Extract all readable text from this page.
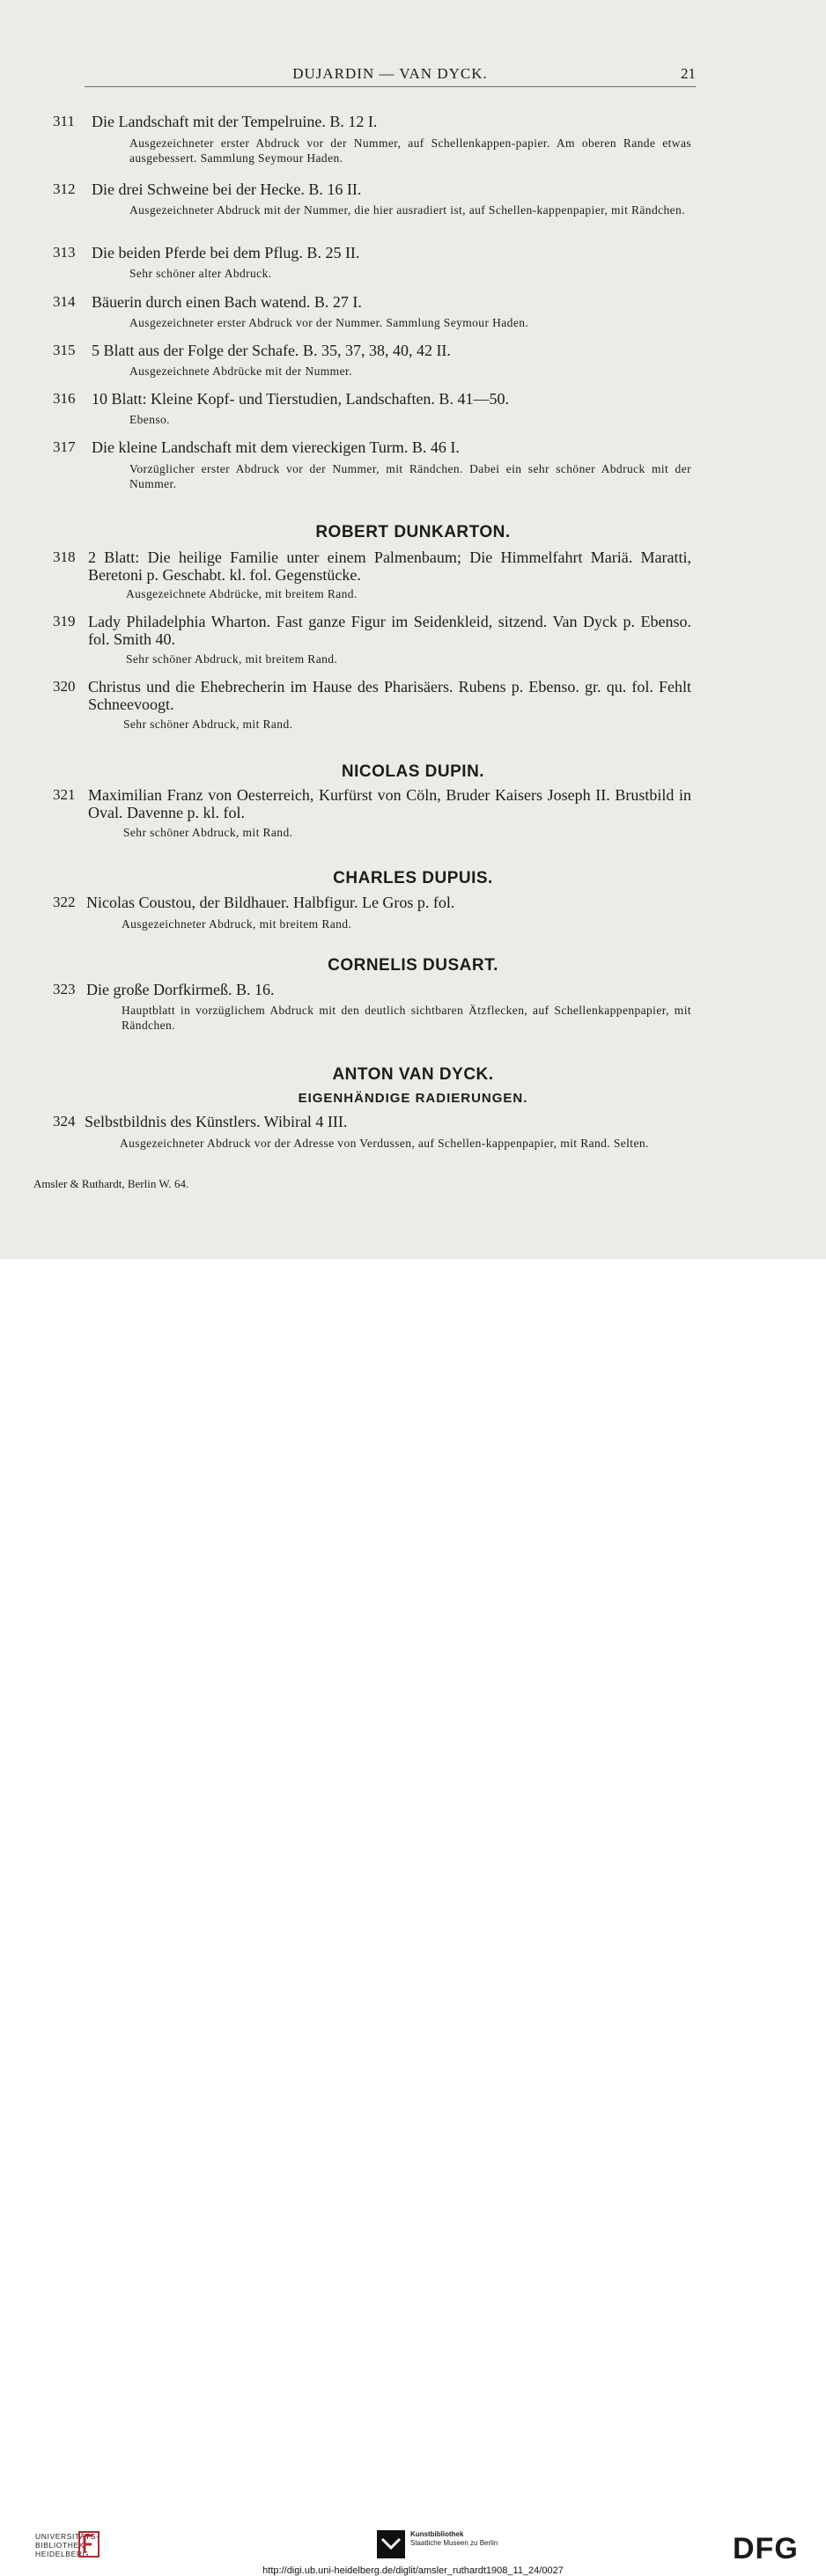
DUJARDIN — VAN DYCK.	21
311	Die Landschaft mit der Tempelruine. B. 12 I.
Ausgezeichneter erster Abdruck vor der Nummer, auf Schellenkappen-papier. Am oberen Rande etwas ausgebessert. Sammlung Seymour Haden.
312	Die drei Schweine bei der Hecke. B. 16 II.
Ausgezeichneter Abdruck mit der Nummer, die hier ausradiert ist, auf Schellen-kappenpapier, mit Rändchen.
313	Die beiden Pferde bei dem Pflug. B. 25 II.
Sehr schöner alter Abdruck.
314	Bäuerin durch einen Bach watend. B. 27 I.
Ausgezeichneter erster Abdruck vor der Nummer. Sammlung Seymour Haden.
315	5 Blatt aus der Folge der Schafe. B. 35, 37, 38, 40, 42 II.
Ausgezeichnete Abdrücke mit der Nummer.
316	10 Blatt: Kleine Kopf- und Tierstudien, Landschaften. B. 41—50.
Ebenso.
317	Die kleine Landschaft mit dem viereckigen Turm. B. 46 I.
Vorzüglicher erster Abdruck vor der Nummer, mit Rändchen. Dabei ein sehr schöner Abdruck mit der Nummer.
ROBERT DUNKARTON.
318 2 Blatt: Die heilige Familie unter einem Palmenbaum; Die Himmelfahrt Mariä. Maratti, Beretoni p. Geschabt. kl. fol. Gegenstücke.
Ausgezeichnete Abdrücke, mit breitem Rand.
319 Lady Philadelphia Wharton. Fast ganze Figur im Seidenkleid, sitzend. Van Dyck p. Ebenso. fol. Smith 40.
Sehr schöner Abdruck, mit breitem Rand.
320 Christus und die Ehebrecherin im Hause des Pharisäers. Rubens p. Ebenso. gr. qu. fol. Fehlt Schneevoogt.
Sehr schöner Abdruck, mit Rand.
NICOLAS DUPIN.
321 Maximilian Franz von Oesterreich, Kurfürst von Cöln, Bruder Kaisers Joseph II. Brustbild in Oval. Davenne p. kl. fol.
Sehr schöner Abdruck, mit Rand.
CHARLES DUPUIS.
322 Nicolas Coustou, der Bildhauer. Halbfigur. Le Gros p. fol.
Ausgezeichneter Abdruck, mit breitem Rand.
CORNELIS DUSART.
323 Die große Dorfkirmeß. B. 16.
Hauptblatt in vorzüglichem Abdruck mit den deutlich sichtbaren Ätzflecken, auf Schellenkappenpapier, mit Rändchen.
ANTON VAN DYCK.
EIGENHÄNDIGE RADIERUNGEN.
324 Selbstbildnis des Künstlers. Wibiral 4 III.
Ausgezeichneter Abdruck vor der Adresse von Verdussen, auf Schellen-kappenpapier, mit Rand. Selten.
Amsler & Ruthardt, Berlin W. 64.
UNIVERSITÄTS-
BIBLIOTHEK
HEIDELBERG
Kunstbibliothek
Staatliche Museen zu Berlin	DFG
http://digi.ub.uni-heidelberg.de/diglit/amsler_ruthardt1908_11_24/0027
